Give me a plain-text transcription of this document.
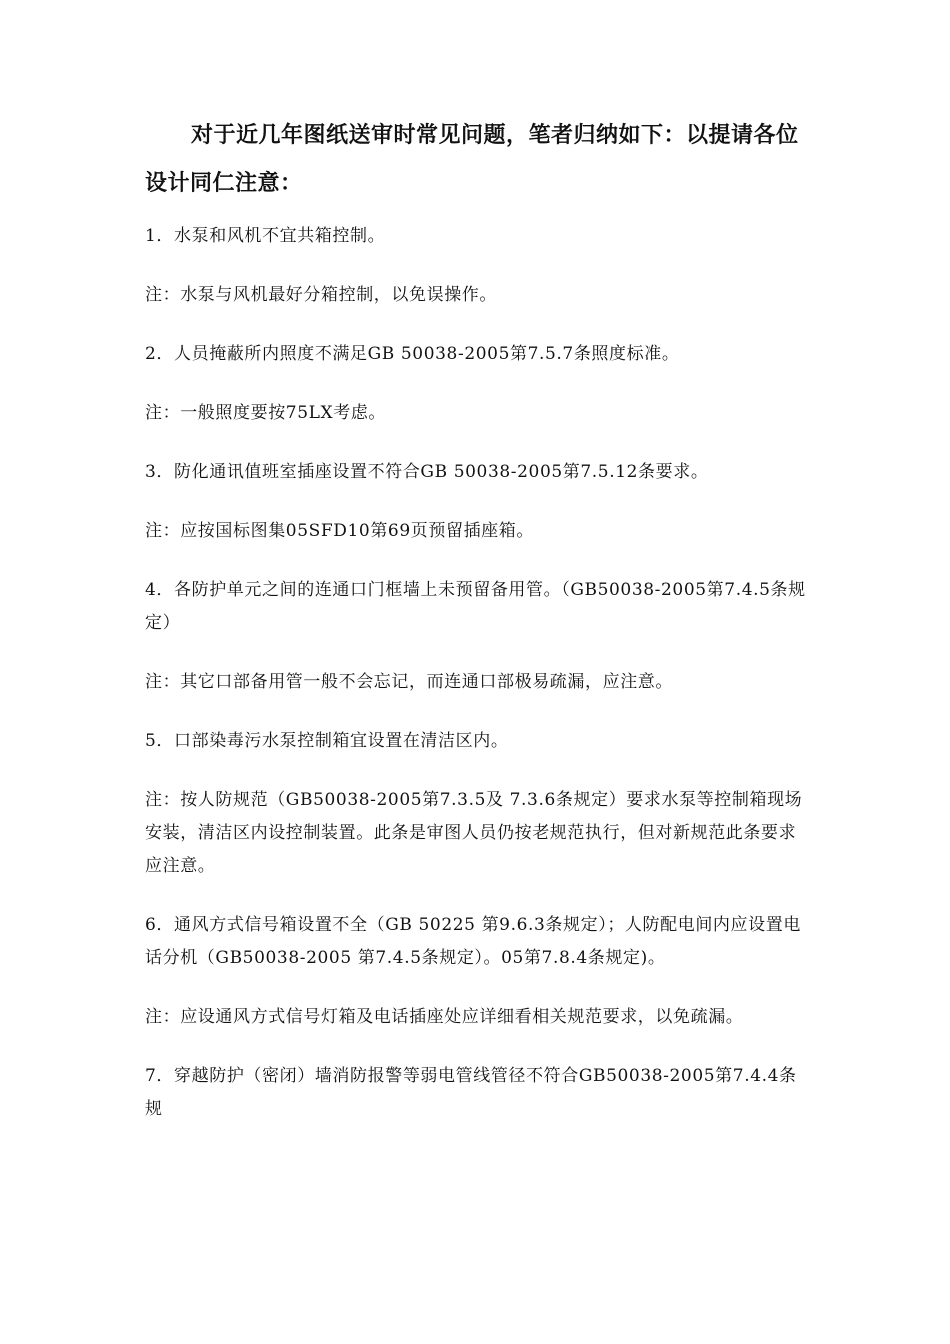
对于近几年图纸送审时常见问题，笔者归纳如下：以提请各位设计同仁注意：

1．水泵和风机不宜共箱控制。

注：水泵与风机最好分箱控制，以免误操作。

2．人员掩蔽所内照度不满足GB 50038-2005第7.5.7条照度标准。

注：一般照度要按75LX考虑。

3．防化通讯值班室插座设置不符合GB 50038-2005第7.5.12条要求。

注：应按国标图集05SFD10第69页预留插座箱。

4．各防护单元之间的连通口门框墙上未预留备用管。（GB50038-2005第7.4.5条规定）

注：其它口部备用管一般不会忘记，而连通口部极易疏漏，应注意。

5．口部染毒污水泵控制箱宜设置在清洁区内。

注：按人防规范（GB50038-2005第7.3.5及 7.3.6条规定）要求水泵等控制箱现场安装，清洁区内设控制装置。此条是审图人员仍按老规范执行，但对新规范此条要求应注意。

6．通风方式信号箱设置不全（GB 50225 第9.6.3条规定）；人防配电间内应设置电话分机（GB50038-2005 第7.4.5条规定）。05第7.8.4条规定)。

注：应设通风方式信号灯箱及电话插座处应详细看相关规范要求，以免疏漏。

7．穿越防护（密闭）墙消防报警等弱电管线管径不符合GB50038-2005第7.4.4条规
